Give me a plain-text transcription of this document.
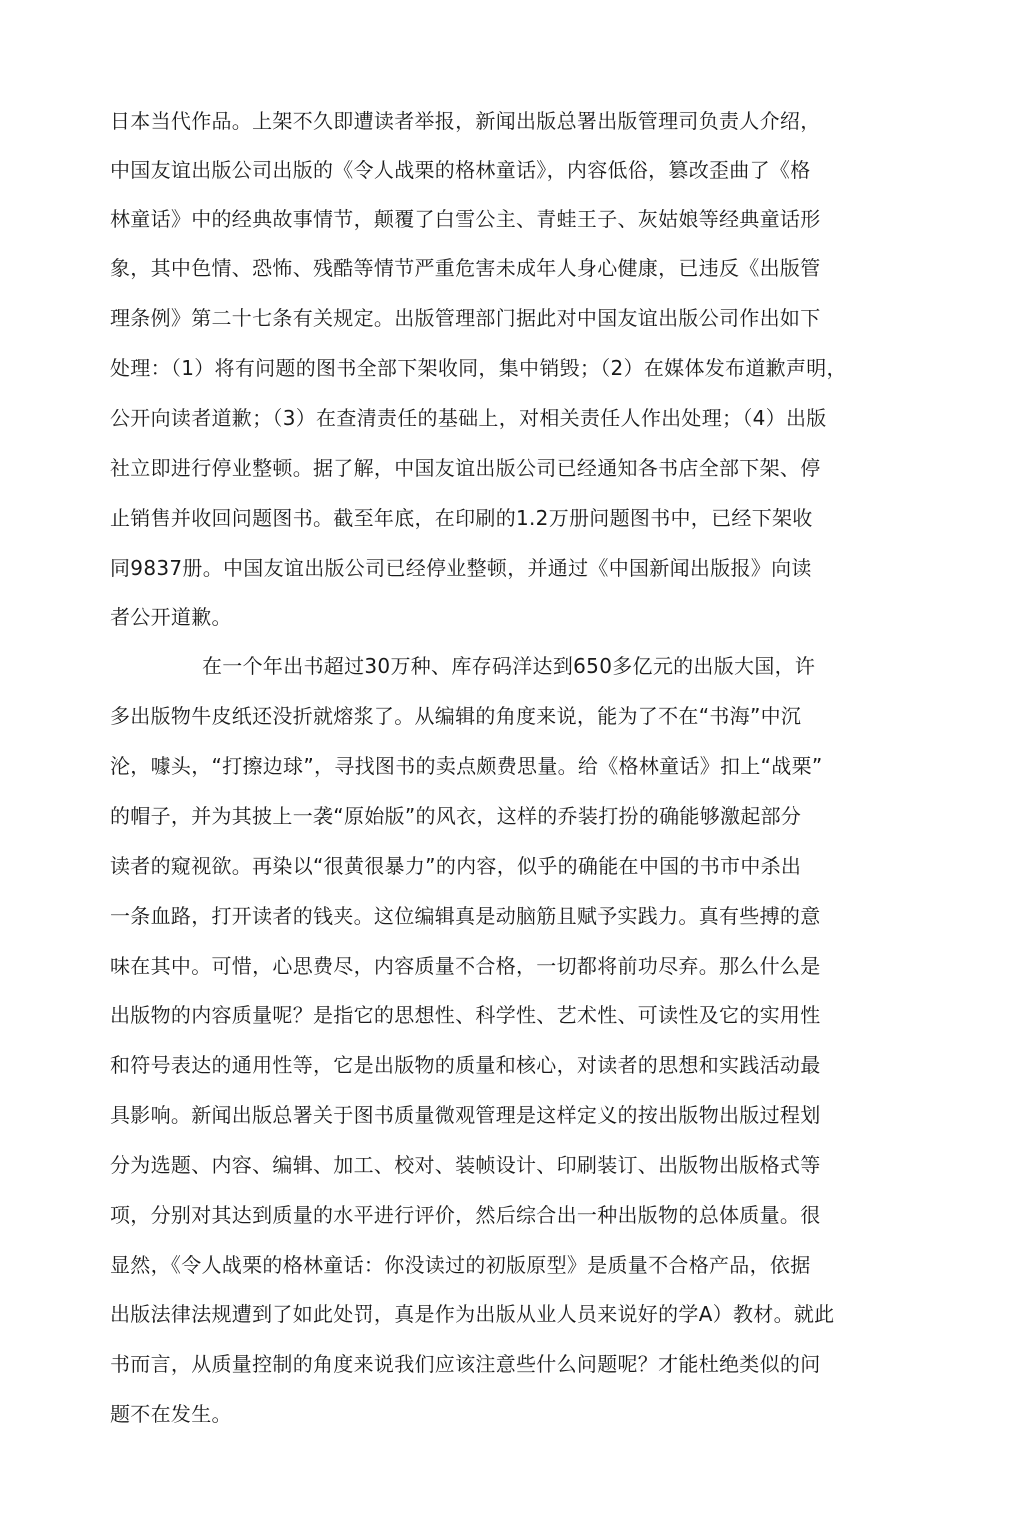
日本当代作品。上架不久即遭读者举报，新闻出版总署出版管理司负责人介绍，
中国友谊出版公司出版的《令人战栗的格林童话》，内容低俗，篡改歪曲了《格
林童话》中的经典故事情节，颠覆了白雪公主、青蛙王子、灰姑娘等经典童话形
象，其中色情、恐怖、残酷等情节严重危害未成年人身心健康，已违反《出版管
理条例》第二十七条有关规定。出版管理部门据此对中国友谊出版公司作出如下
处理：（1）将有问题的图书全部下架收同，集中销毁；（2）在媒体发布道歉声明，
公开向读者道歉；（3）在查清责任的基础上，对相关责任人作出处理；（4）出版
社立即进行停业整顿。据了解，中国友谊出版公司已经通知各书店全部下架、停
止销售并收回问题图书。截至年底，在印刷的1.2万册问题图书中，已经下架收
同9837册。中国友谊出版公司已经停业整顿，并通过《中国新闻出版报》向读
者公开道歉。
在一个年出书超过30万种、库存码洋达到650多亿元的出版大国，许
多出版物牛皮纸还没折就熔浆了。从编辑的角度来说，能为了不在“书海”中沉
沦，噱头，“打擦边球”，寻找图书的卖点颇费思量。给《格林童话》扣上“战栗”
的帽子，并为其披上一袭“原始版”的风衣，这样的乔装打扮的确能够激起部分
读者的窥视欲。再染以“很黄很暴力”的内容，似乎的确能在中国的书市中杀出
一条血路，打开读者的钱夹。这位编辑真是动脑筋且赋予实践力。真有些搏的意
味在其中。可惜，心思费尽，内容质量不合格，一切都将前功尽弃。那么什么是
出版物的内容质量呢？是指它的思想性、科学性、艺术性、可读性及它的实用性
和符号表达的通用性等，它是出版物的质量和核心，对读者的思想和实践活动最
具影响。新闻出版总署关于图书质量微观管理是这样定义的按出版物出版过程划
分为选题、内容、编辑、加工、校对、装帧设计、印刷装订、出版物出版格式等
项，分别对其达到质量的水平进行评价，然后综合出一种出版物的总体质量。很
显然，《令人战栗的格林童话：你没读过的初版原型》是质量不合格产品，依据
出版法律法规遭到了如此处罚，真是作为出版从业人员来说好的学A）教材。就此
书而言，从质量控制的角度来说我们应该注意些什么问题呢？才能杜绝类似的问
题不在发生。
